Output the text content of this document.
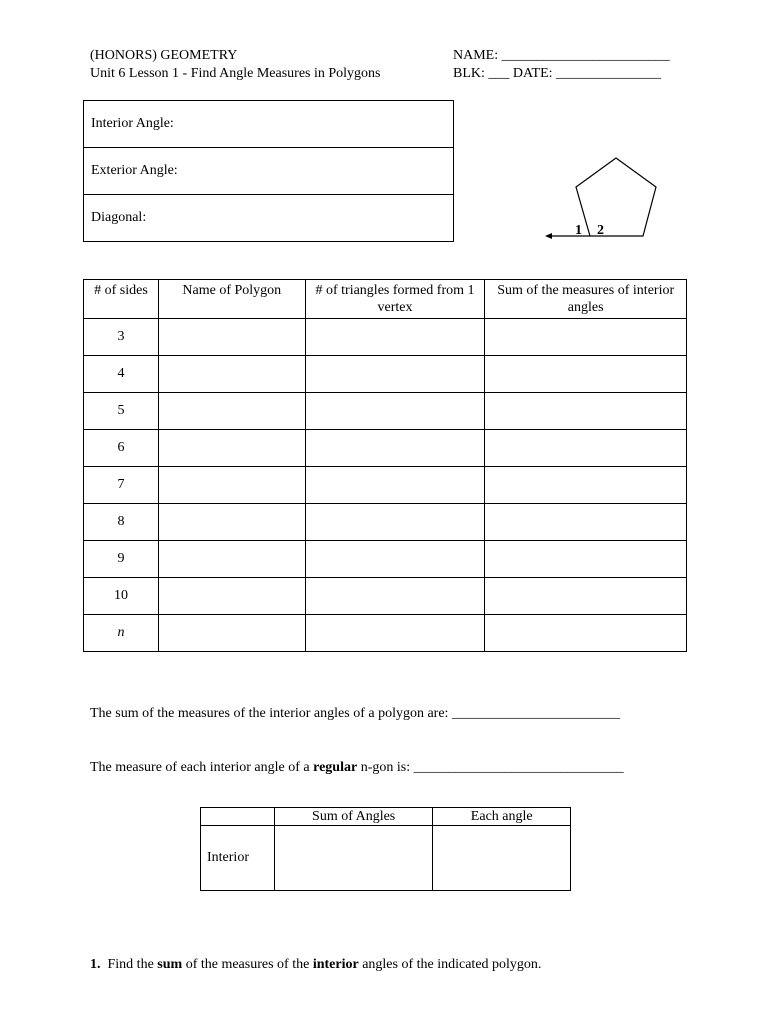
(HONORS) GEOMETRY
Unit 6 Lesson 1 - Find Angle Measures in Polygons
NAME: ________________________
BLK: ___ DATE: _______________
Interior Angle:
Exterior Angle:
Diagonal:
1 2
# of sides	Name of Polygon	# of triangles formed from 1 vertex	Sum of the measures of interior angles
3			
4			
5			
6			
7			
8			
9			
10			
n			
The sum of the measures of the interior angles of a polygon are: ________________________
The measure of each interior angle of a regular n-gon is: ______________________________
	Sum of Angles	Each angle
Interior		
1.  Find the sum of the measures of the interior angles of the indicated polygon.
